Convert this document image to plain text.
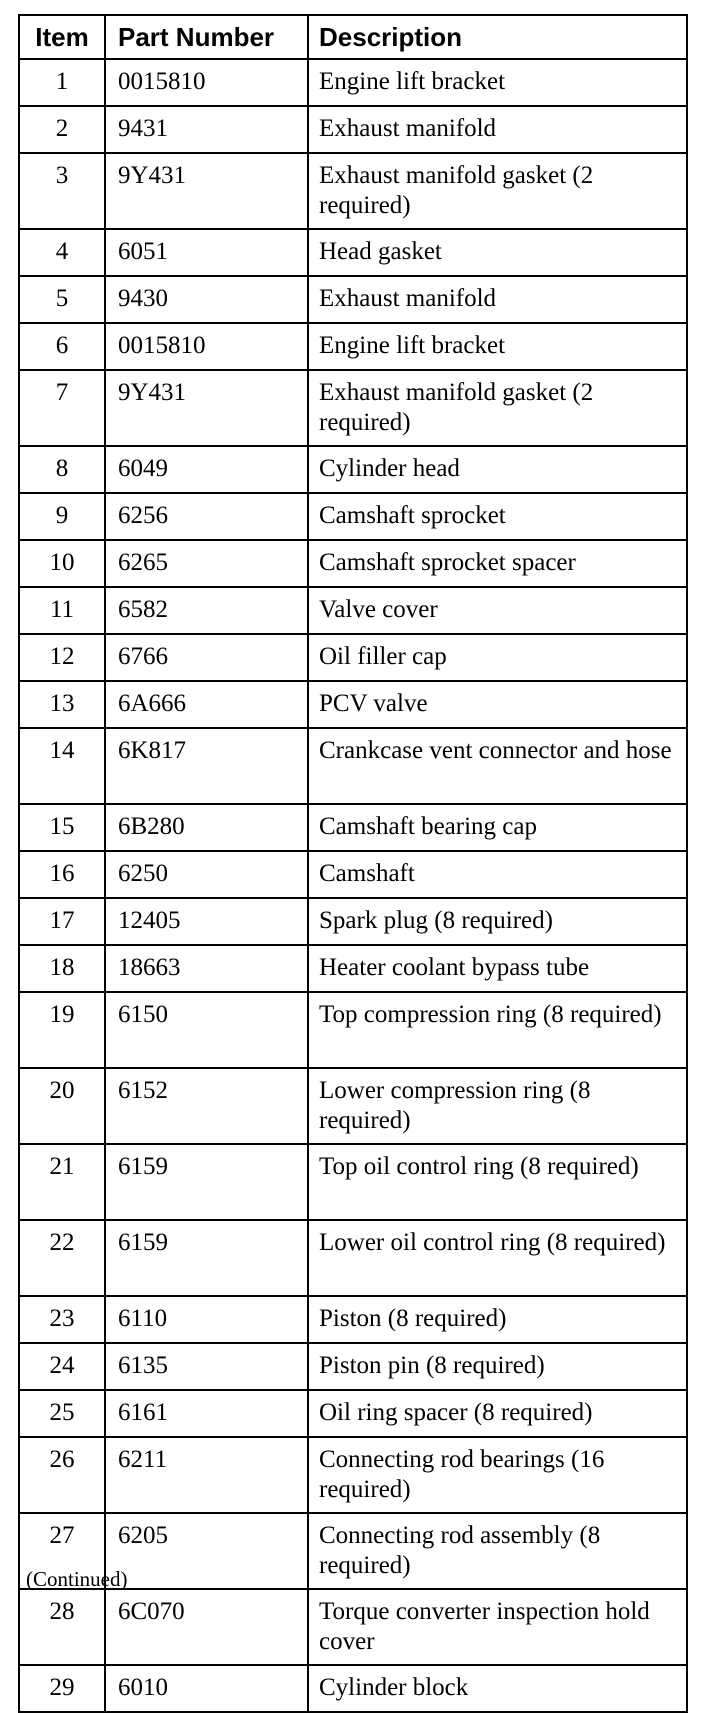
Item	Part Number	Description
1	0015810	Engine lift bracket
2	9431	Exhaust manifold
3	9Y431	Exhaust manifold gasket (2 required)
4	6051	Head gasket
5	9430	Exhaust manifold
6	0015810	Engine lift bracket
7	9Y431	Exhaust manifold gasket (2 required)
8	6049	Cylinder head
9	6256	Camshaft sprocket
10	6265	Camshaft sprocket spacer
11	6582	Valve cover
12	6766	Oil filler cap
13	6A666	PCV valve
14	6K817	Crankcase vent connector and hose
15	6B280	Camshaft bearing cap
16	6250	Camshaft
17	12405	Spark plug (8 required)
18	18663	Heater coolant bypass tube
19	6150	Top compression ring (8 required)
20	6152	Lower compression ring (8 required)
21	6159	Top oil control ring (8 required)
22	6159	Lower oil control ring (8 required)
23	6110	Piston (8 required)
24	6135	Piston pin (8 required)
25	6161	Oil ring spacer (8 required)
26	6211	Connecting rod bearings (16 required)
27	6205	Connecting rod assembly (8 required)
28	6C070	Torque converter inspection hold cover
29	6010	Cylinder block
(Continued)
